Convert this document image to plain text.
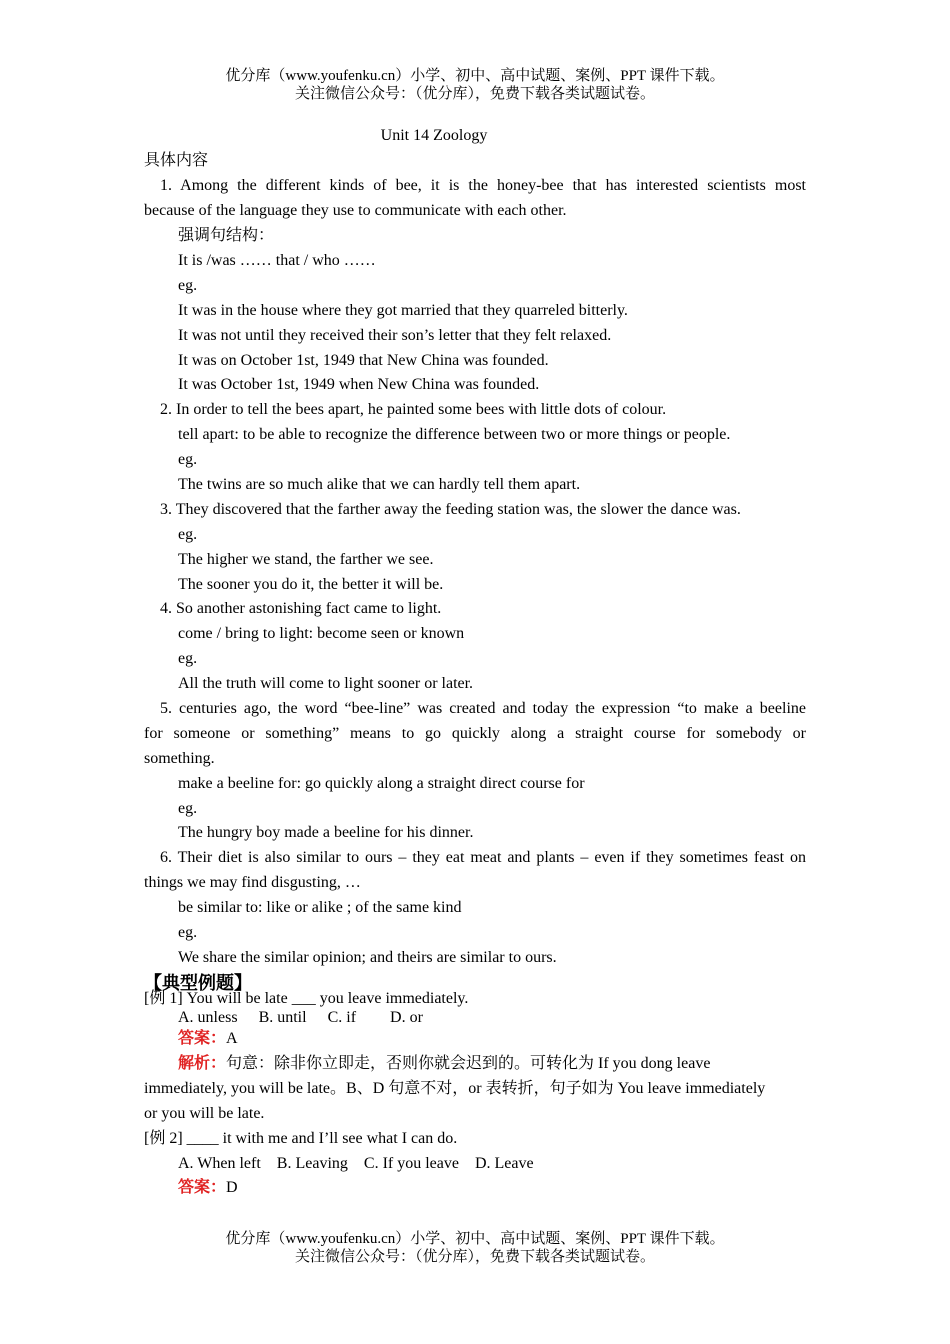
优分库（www.youfenku.cn）小学、初中、高中试题、案例、PPT 课件下载。
关注微信公众号：（优分库），免费下载各类试题试卷。
Unit 14 Zoology
具体内容
1. Among the different kinds of bee, it is the honey-bee that has interested scientists most
because of the language they use to communicate with each other.
强调句结构：
It is /was …… that / who ……
eg.
It was in the house where they got married that they quarreled bitterly.
It was not until they received their son’s letter that they felt relaxed.
It was on October 1st, 1949 that New China was founded.
It was October 1st, 1949 when New China was founded.
2. In order to tell the bees apart, he painted some bees with little dots of colour.
tell apart: to be able to recognize the difference between two or more things or people.
eg.
The twins are so much alike that we can hardly tell them apart.
3. They discovered that the farther away the feeding station was, the slower the dance was.
eg.
The higher we stand, the farther we see.
The sooner you do it, the better it will be.
4. So another astonishing fact came to light.
come / bring to light: become seen or known
eg.
All the truth will come to light sooner or later.
5. centuries ago, the word “bee-line” was created and today the expression “to make a beeline
for someone or something” means to go quickly along a straight course for somebody or
something.
make a beeline for: go quickly along a straight direct course for
eg.
The hungry boy made a beeline for his dinner.
6. Their diet is also similar to ours – they eat meat and plants – even if they sometimes feast on
things we may find disgusting, …
be similar to: like or alike ; of the same kind
eg.
We share the similar opinion; and theirs are similar to ours.
【典型例题】
[例 1] You will be late ___ you leave immediately.
A. unless B. until C. if D. or
答案：A
解析：句意：除非你立即走，否则你就会迟到的。可转化为 If you dong leave
immediately, you will be late。B、D 句意不对，or 表转折，句子如为 You leave immediately
or you will be late.
[例 2] ____ it with me and I’ll see what I can do.
A. When left B. Leaving C. If you leave D. Leave
答案：D
优分库（www.youfenku.cn）小学、初中、高中试题、案例、PPT 课件下载。
关注微信公众号：（优分库），免费下载各类试题试卷。
